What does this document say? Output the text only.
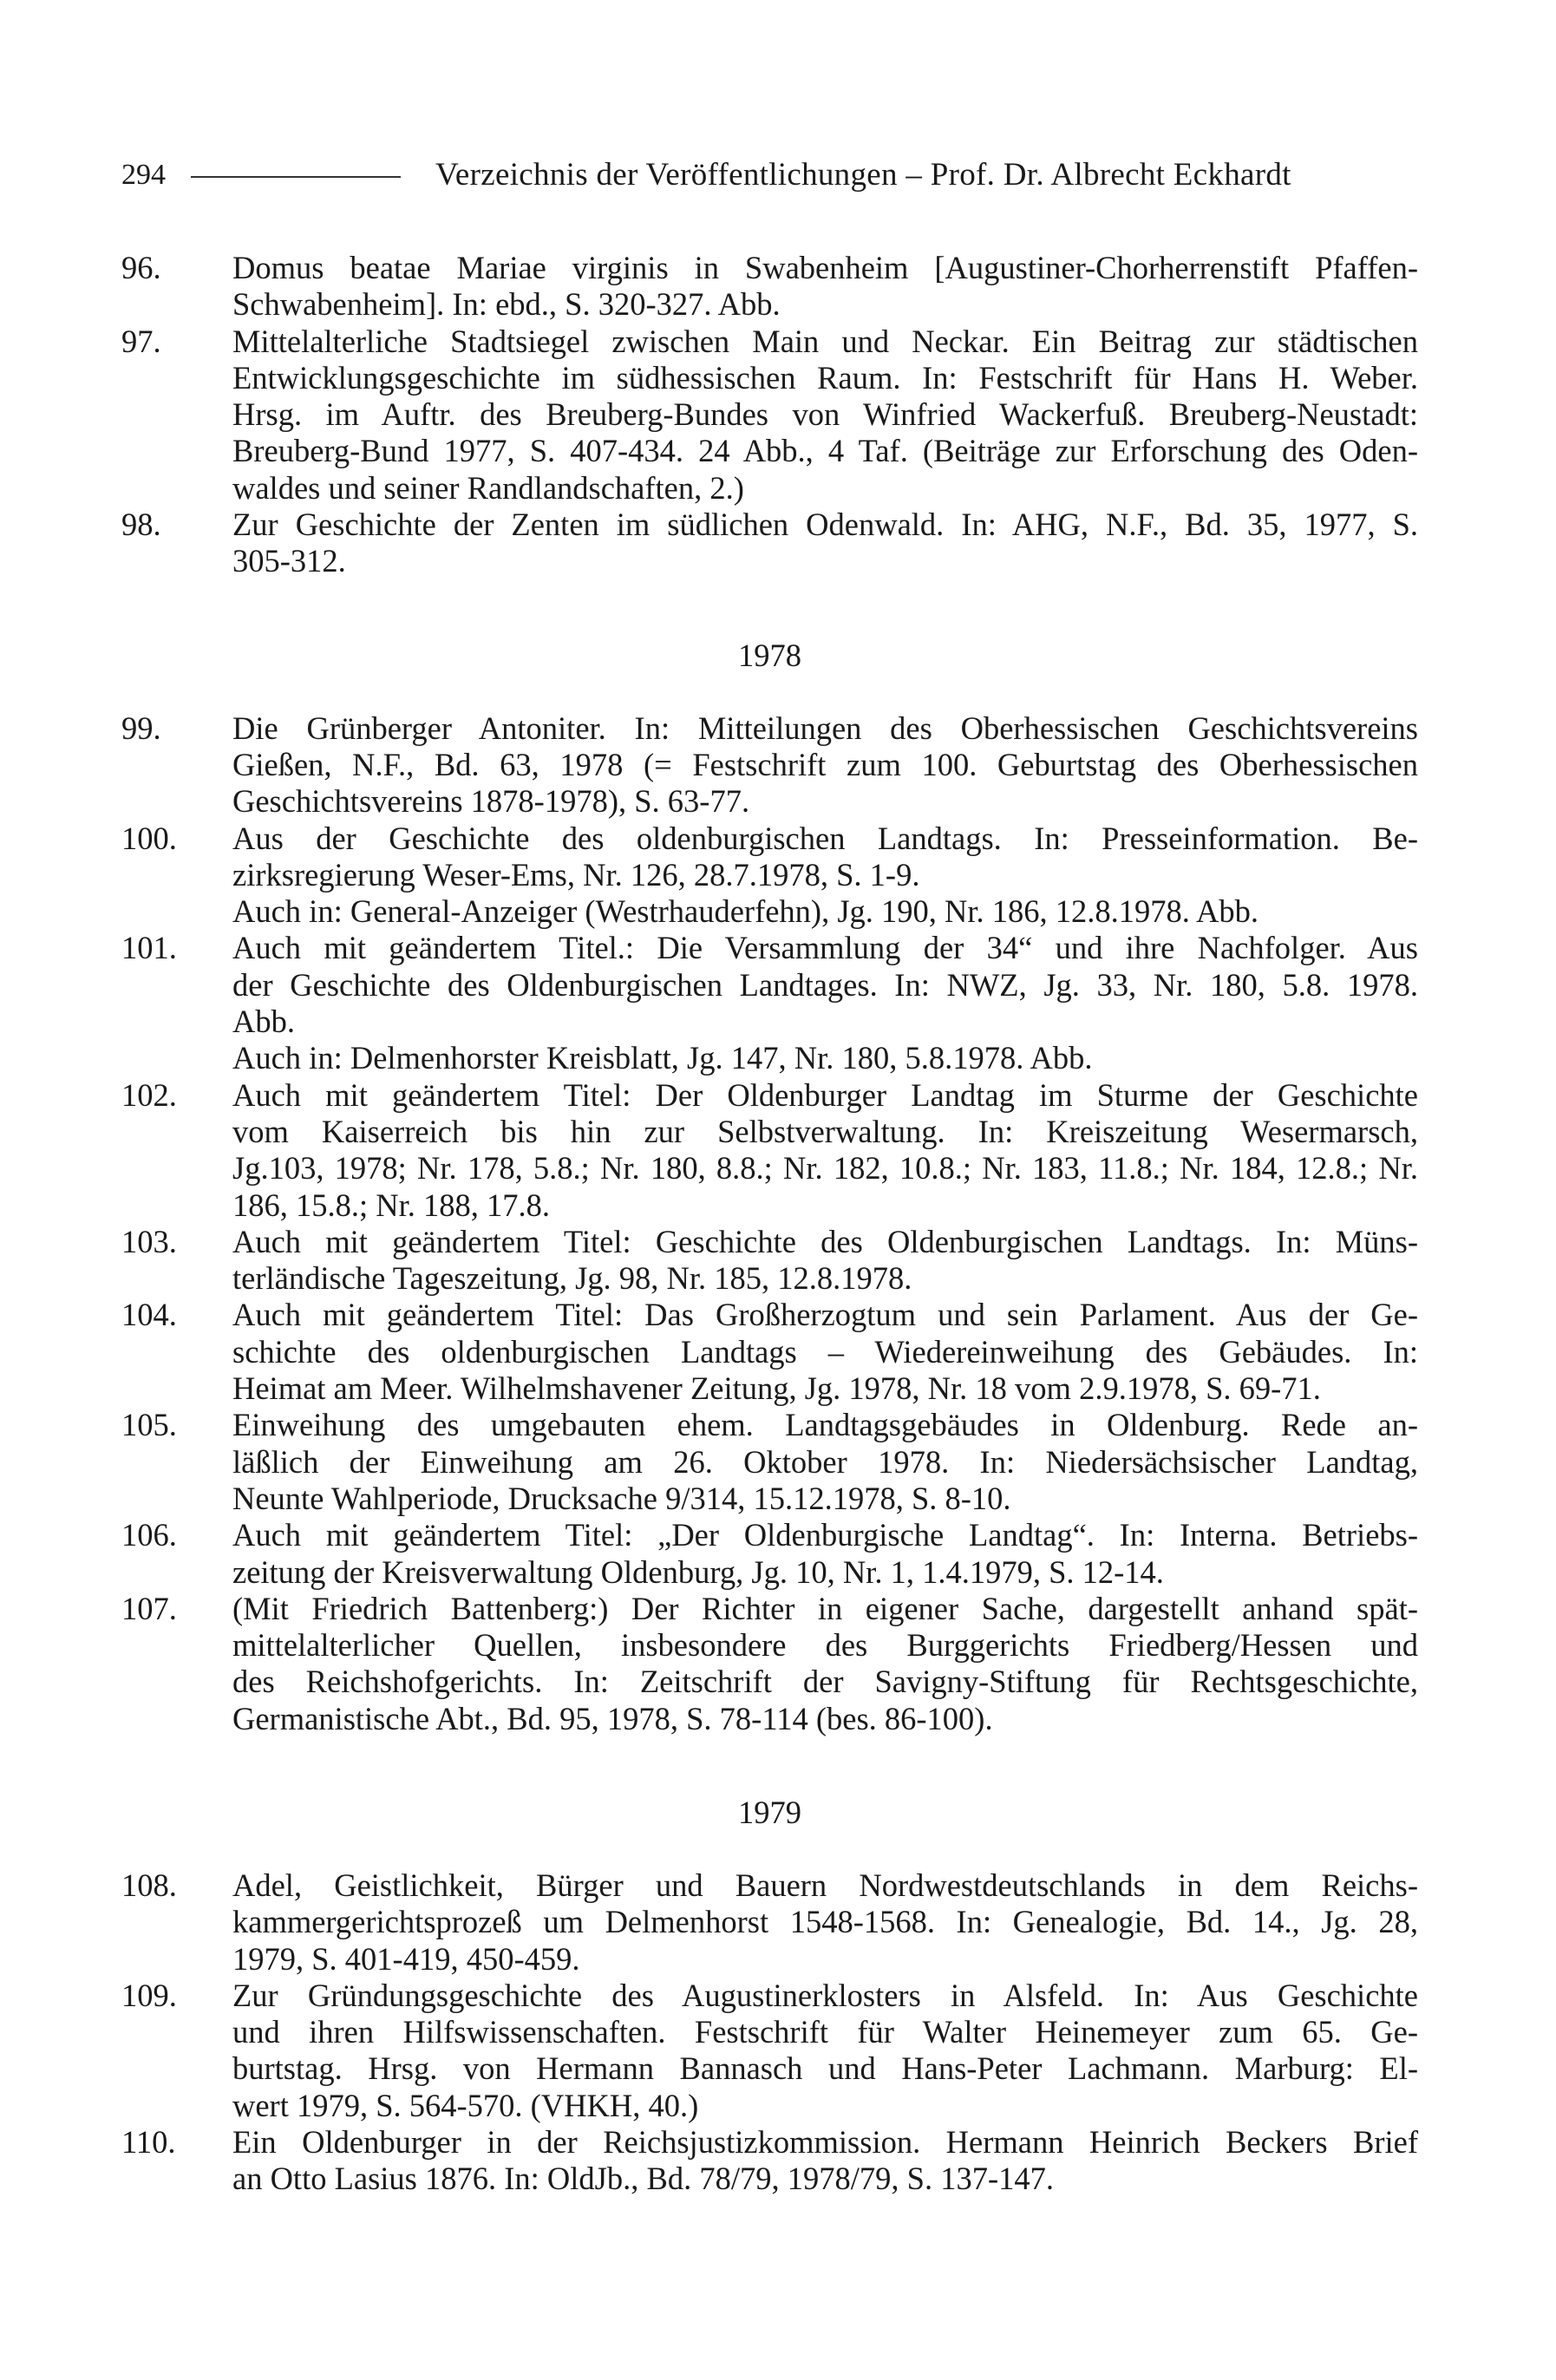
294	Verzeichnis der Veröffentlichungen – Prof. Dr. Albrecht Eckhardt
96. Domus beatae Mariae virginis in Swabenheim [Augustiner-Chorherrenstift Pfaffen-
Schwabenheim]. In: ebd., S. 320-327. Abb.
97. Mittelalterliche Stadtsiegel zwischen Main und Neckar. Ein Beitrag zur städtischen
Entwicklungsgeschichte im südhessischen Raum. In: Festschrift für Hans H. Weber.
Hrsg. im Auftr. des Breuberg-Bundes von Winfried Wackerfuß. Breuberg-Neustadt:
Breuberg-Bund 1977, S. 407-434. 24 Abb., 4 Taf. (Beiträge zur Erforschung des Oden-
waldes und seiner Randlandschaften, 2.)
98. Zur Geschichte der Zenten im südlichen Odenwald. In: AHG, N.F., Bd. 35, 1977, S.
305-312.
1978
99. Die Grünberger Antoniter. In: Mitteilungen des Oberhessischen Geschichtsvereins
Gießen, N.F., Bd. 63, 1978 (= Festschrift zum 100. Geburtstag des Oberhessischen
Geschichtsvereins 1878-1978), S. 63-77.
100. Aus der Geschichte des oldenburgischen Landtags. In: Presseinformation. Be-
zirksregierung Weser-Ems, Nr. 126, 28.7.1978, S. 1-9.
Auch in: General-Anzeiger (Westrhauderfehn), Jg. 190, Nr. 186, 12.8.1978. Abb.
101. Auch mit geändertem Titel.: Die Versammlung der 34“ und ihre Nachfolger. Aus
der Geschichte des Oldenburgischen Landtages. In: NWZ, Jg. 33, Nr. 180, 5.8. 1978.
Abb.
Auch in: Delmenhorster Kreisblatt, Jg. 147, Nr. 180, 5.8.1978. Abb.
102. Auch mit geändertem Titel: Der Oldenburger Landtag im Sturme der Geschichte
vom Kaiserreich bis hin zur Selbstverwaltung. In: Kreiszeitung Wesermarsch,
Jg.103, 1978; Nr. 178, 5.8.; Nr. 180, 8.8.; Nr. 182, 10.8.; Nr. 183, 11.8.; Nr. 184, 12.8.; Nr.
186, 15.8.; Nr. 188, 17.8.
103. Auch mit geändertem Titel: Geschichte des Oldenburgischen Landtags. In: Müns-
terländische Tageszeitung, Jg. 98, Nr. 185, 12.8.1978.
104. Auch mit geändertem Titel: Das Großherzogtum und sein Parlament. Aus der Ge-
schichte des oldenburgischen Landtags – Wiedereinweihung des Gebäudes. In:
Heimat am Meer. Wilhelmshavener Zeitung, Jg. 1978, Nr. 18 vom 2.9.1978, S. 69-71.
105. Einweihung des umgebauten ehem. Landtagsgebäudes in Oldenburg. Rede an-
läßlich der Einweihung am 26. Oktober 1978. In: Niedersächsischer Landtag,
Neunte Wahlperiode, Drucksache 9/314, 15.12.1978, S. 8-10.
106. Auch mit geändertem Titel: „Der Oldenburgische Landtag“. In: Interna. Betriebs-
zeitung der Kreisverwaltung Oldenburg, Jg. 10, Nr. 1, 1.4.1979, S. 12-14.
107. (Mit Friedrich Battenberg:) Der Richter in eigener Sache, dargestellt anhand spät-
mittelalterlicher Quellen, insbesondere des Burggerichts Friedberg/Hessen und
des Reichshofgerichts. In: Zeitschrift der Savigny-Stiftung für Rechtsgeschichte,
Germanistische Abt., Bd. 95, 1978, S. 78-114 (bes. 86-100).
1979
108. Adel, Geistlichkeit, Bürger und Bauern Nordwestdeutschlands in dem Reichs-
kammergerichtsprozeß um Delmenhorst 1548-1568. In: Genealogie, Bd. 14., Jg. 28,
1979, S. 401-419, 450-459.
109. Zur Gründungsgeschichte des Augustinerklosters in Alsfeld. In: Aus Geschichte
und ihren Hilfswissenschaften. Festschrift für Walter Heinemeyer zum 65. Ge-
burtstag. Hrsg. von Hermann Bannasch und Hans-Peter Lachmann. Marburg: El-
wert 1979, S. 564-570. (VHKH, 40.)
110. Ein Oldenburger in der Reichsjustizkommission. Hermann Heinrich Beckers Brief
an Otto Lasius 1876. In: OldJb., Bd. 78/79, 1978/79, S. 137-147.
